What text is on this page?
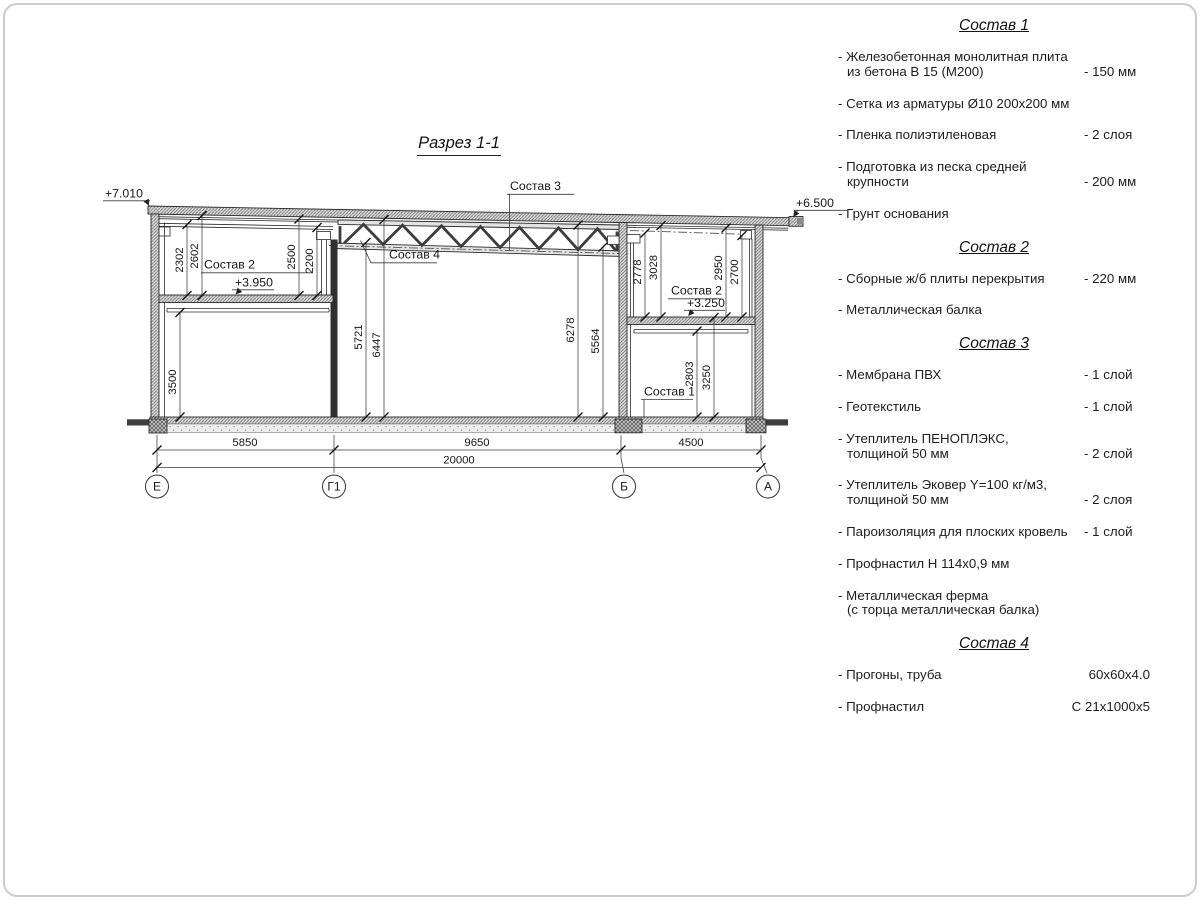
Разрез 1-1
5850	9650	4500
20000
2302 2602	2500 2200
3500
5721 6447
6278 5564
2778 3028	2950 2700
2803 3250
Е	Г1	Б	А
Состав 3
Состав 4
Состав 2
+3.950
Состав 2
+3.250
Состав 1
+7.010
+6.500
Состав 1
- Железобетонная монолитная плита
из бетона В 15 (М200)	- 150 мм
- Сетка из арматуры Ø10 200х200 мм
- Пленка полиэтиленовая	- 2 слоя
- Подготовка из песка средней
крупности	- 200 мм
- Грунт основания
Состав 2
- Сборные ж/б плиты перекрытия	- 220 мм
- Металлическая балка
Состав 3
- Мембрана ПВХ	- 1 слой
- Геотекстиль	- 1 слой
- Утеплитель ПЕНОПЛЭКС,
толщиной 50 мм	- 2 слой
- Утеплитель Эковер Y=100 кг/м3,
толщиной 50 мм	- 2 слоя
- Пароизоляция для плоских кровель	- 1 слой
- Профнастил Н 114х0,9 мм
- Металлическая ферма
(с торца металлическая балка)
Состав 4
- Прогоны, труба	60х60х4.0
- Профнастил	С 21х1000х5
